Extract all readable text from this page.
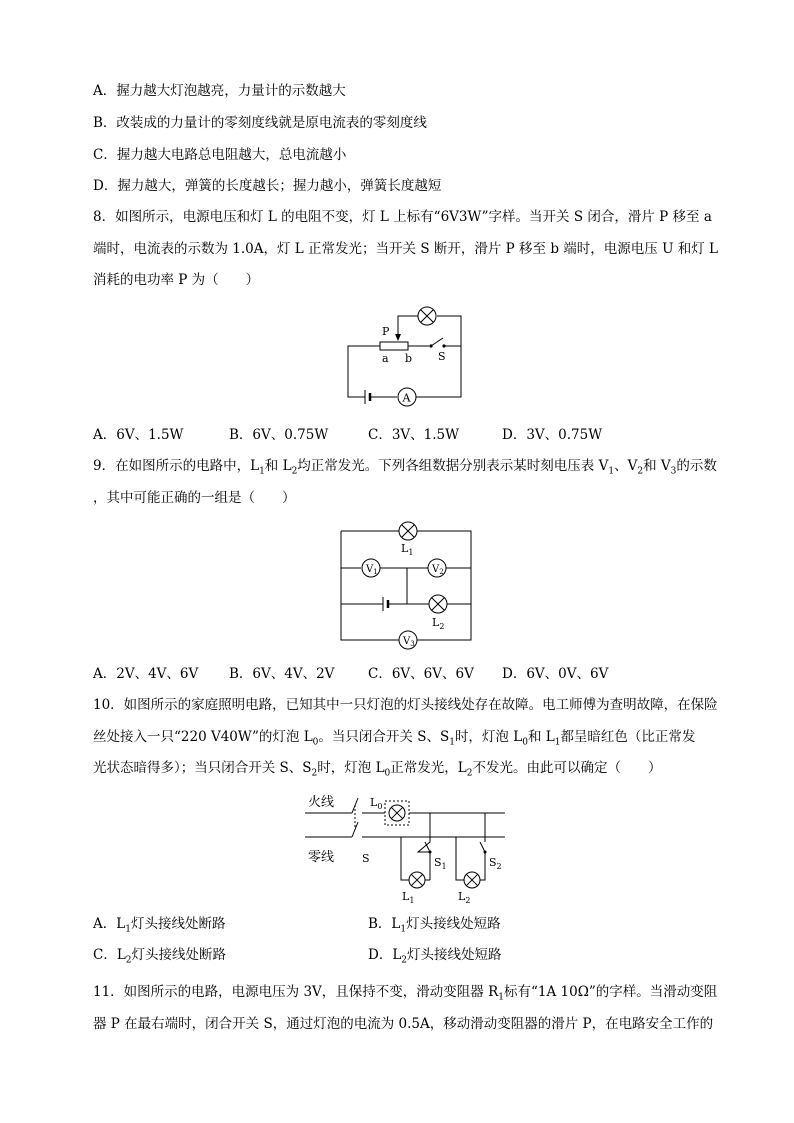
A．握力越大灯泡越亮，力量计的示数越大
B．改装成的力量计的零刻度线就是原电流表的零刻度线
C．握力越大电路总电阻越大，总电流越小
D．握力越大，弹簧的长度越长；握力越小，弹簧长度越短
8．如图所示，电源电压和灯 L 的电阻不变，灯 L 上标有“6V3W”字样。当开关 S 闭合，滑片 P 移至 a
端时，电流表的示数为 1.0A，灯 L 正常发光；当开关 S 断开，滑片 P 移至 b 端时，电源电压 U 和灯 L
消耗的电功率 P 为（　　）
A
P
a b S
A．6V、1.5W	B．6V、0.75W	C．3V、1.5W	D．3V、0.75W
9．在如图所示的电路中，$L_1$和 $L_2$均正常发光。下列各组数据分别表示某时刻电压表 $V_1$、$V_2$和 $V_3$的示数
，其中可能正确的一组是（　　）
$L_1$
$V_1$	$V_2$
$L_2$
$V_3$
A．2V、4V、6V B．6V、4V、2V C．6V、6V、6V D．6V、0V、6V
10．如图所示的家庭照明电路，已知其中一只灯泡的灯头接线处存在故障。电工师傅为查明故障，在保险
丝处接入一只“220 V40W”的灯泡 $L_0$。当只闭合开关 S、$S_1$时，灯泡 $L_0$和 $L_1$都呈暗红色（比正常发
光状态暗得多）；当只闭合开关 S、$S_2$时，灯泡 $L_0$正常发光，$L_2$不发光。由此可以确定（　　）
火线
零线	S
$L_0$
$S_1$
$L_1$
$S_2$
$L_2$
A．$L_1$灯头接线处断路	B．$L_1$灯头接线处短路
C．$L_2$灯头接线处断路	D．$L_2$灯头接线处短路
11．如图所示的电路，电源电压为 3V，且保持不变，滑动变阻器 $R_1$标有“1A 10Ω”的字样。当滑动变阻
器 P 在最右端时，闭合开关 S，通过灯泡的电流为 0.5A，移动滑动变阻器的滑片 P，在电路安全工作的
